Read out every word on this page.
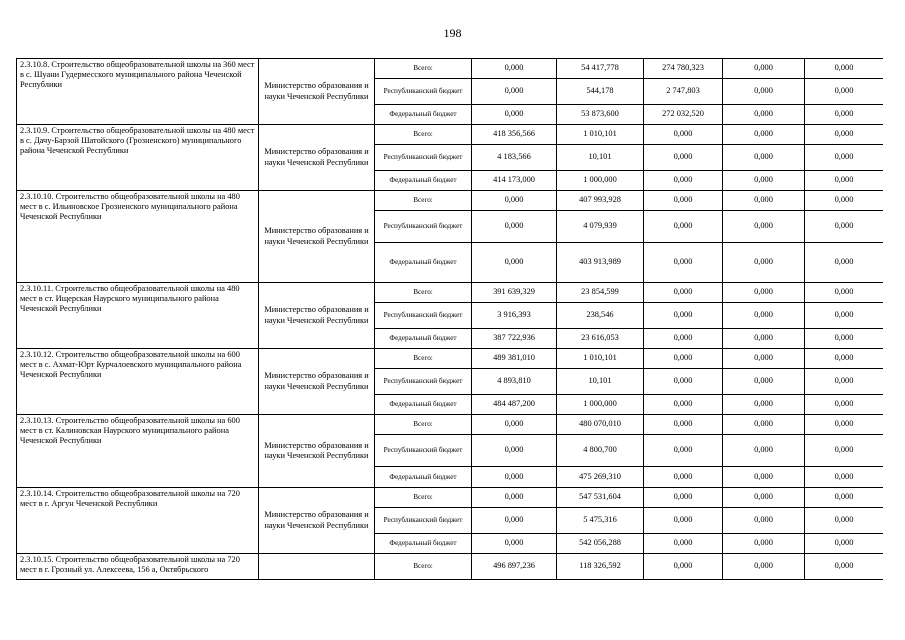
198
2.3.10.8. Строительство общеобразовательной школы на 360 мест в с. Шуани Гудермесского муниципального района Чеченской Республики	Министерство образования и науки Чеченской Республики	Всего:	0,000	54 417,778	274 780,323	0,000	0,000
		Республиканский бюджет	0,000	544,178	2 747,803	0,000	0,000
		Федеральный бюджет	0,000	53 873,600	272 032,520	0,000	0,000
2.3.10.9. Строительство общеобразовательной школы на 480 мест в с. Дачу-Барзой Шатойского (Грозненского) муниципального района Чеченской Республики	Министерство образования и науки Чеченской Республики	Всего:	418 356,566	1 010,101	0,000	0,000	0,000
		Республиканский бюджет	4 183,566	10,101	0,000	0,000	0,000
		Федеральный бюджет	414 173,000	1 000,000	0,000	0,000	0,000
2.3.10.10. Строительство общеобразовательной школы на 480 мест в с. Ильиновское Грозненского муниципального района Чеченской Республики	Министерство образования и науки Чеченской Республики	Всего:	0,000	407 993,928	0,000	0,000	0,000
		Республиканский бюджет	0,000	4 079,939	0,000	0,000	0,000
		Федеральный бюджет	0,000	403 913,989	0,000	0,000	0,000
2.3.10.11. Строительство общеобразовательной школы на 480 мест в ст. Ищерская Наурского муниципального района Чеченской Республики	Министерство образования и науки Чеченской Республики	Всего:	391 639,329	23 854,599	0,000	0,000	0,000
		Республиканский бюджет	3 916,393	238,546	0,000	0,000	0,000
		Федеральный бюджет	387 722,936	23 616,053	0,000	0,000	0,000
2.3.10.12. Строительство общеобразовательной школы на 600 мест в с. Ахмат-Юрт Курчалоевского муниципального района Чеченской Республики	Министерство образования и науки Чеченской Республики	Всего:	489 381,010	1 010,101	0,000	0,000	0,000
		Республиканский бюджет	4 893,810	10,101	0,000	0,000	0,000
		Федеральный бюджет	484 487,200	1 000,000	0,000	0,000	0,000
2.3.10.13. Строительство общеобразовательной школы на 600 мест в ст. Калиновская Наурского муниципального района Чеченской Республики	Министерство образования и науки Чеченской Республики	Всего:	0,000	480 070,010	0,000	0,000	0,000
		Республиканский бюджет	0,000	4 800,700	0,000	0,000	0,000
		Федеральный бюджет	0,000	475 269,310	0,000	0,000	0,000
2.3.10.14. Строительство общеобразовательной школы на 720 мест в г. Аргун Чеченской Республики	Министерство образования и науки Чеченской Республики	Всего:	0,000	547 531,604	0,000	0,000	0,000
		Республиканский бюджет	0,000	5 475,316	0,000	0,000	0,000
		Федеральный бюджет	0,000	542 056,288	0,000	0,000	0,000
2.3.10.15. Строительство общеобразовательной школы на 720 мест в г. Грозный ул. Алексеева, 156 а, Октябрьского		Всего:	496 897,236	118 326,592	0,000	0,000	0,000
